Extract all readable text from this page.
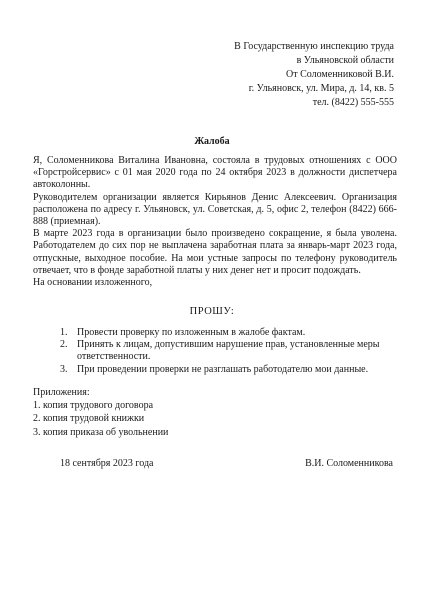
В Государственную инспекцию труда
в Ульяновской области
От Соломенниковой В.И.
г. Ульяновск, ул. Мира, д. 14, кв. 5
тел. (8422) 555-555
Жалоба

Я, Соломенникова Виталина Ивановна, состояла в трудовых отношениях с ООО «Горстройсервис» с 01 мая 2020 года по 24 октября 2023 в должности диспетчера автоколонны.

Руководителем организации является Кирьянов Денис Алексеевич. Организация расположена по адресу г. Ульяновск, ул. Советская, д. 5, офис 2, телефон (8422) 666-888 (приемная).

В марте 2023 года в организации было произведено сокращение, я была уволена. Работодателем до сих пор не выплачена заработная плата за январь-март 2023 года, отпускные, выходное пособие. На мои устные запросы по телефону руководитель отвечает, что в фонде заработной платы у них денег нет и просит подождать.

На основании изложенного,

ПРОШУ:
1. Провести проверку по изложенным в жалобе фактам.
2. Принять к лицам, допустившим нарушение прав, установленные меры ответственности.
3. При проведении проверки не разглашать работодателю мои данные.
Приложения:
1. копия трудового договора
2. копия трудовой книжки
3. копия приказа об увольнении
18 сентября 2023 года	В.И. Соломенникова
